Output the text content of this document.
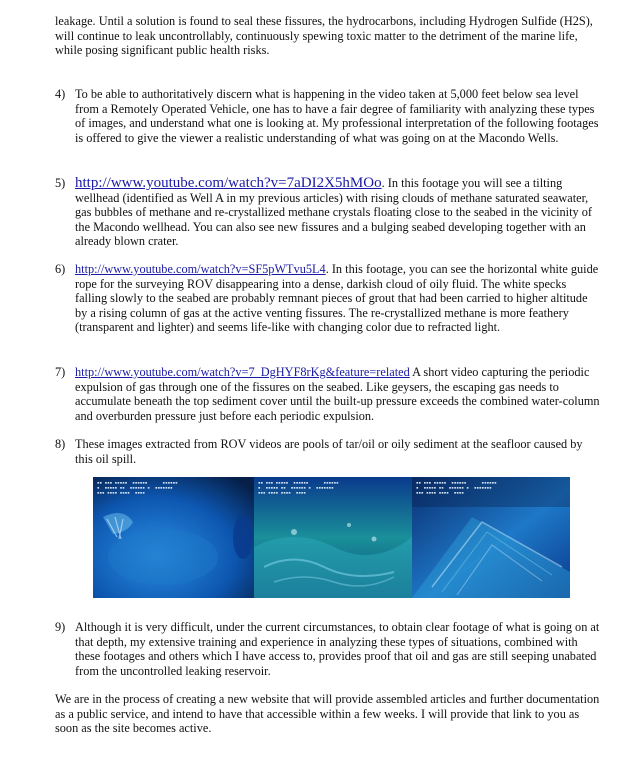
leakage. Until a solution is found to seal these fissures, the hydrocarbons, including Hydrogen Sulfide (H2S), will continue to leak uncontrollably, continuously spewing toxic matter to the detriment of the marine life, while posing significant public health risks.

4) To be able to authoritatively discern what is happening in the video taken at 5,000 feet below sea level from a Remotely Operated Vehicle, one has to have a fair degree of familiarity with analyzing these types of images, and understand what one is looking at. My professional interpretation of the following footages is offered to give the viewer a realistic understanding of what was going on at the Macondo Wells.
5) http://www.youtube.com/watch?v=7aDI2X5hMOo. In this footage you will see a tilting wellhead (identified as Well A in my previous articles) with rising clouds of methane saturated seawater, gas bubbles of methane and re-crystallized methane crystals floating close to the seabed in the vicinity of the Macondo wellhead. You can also see new fissures and a bulging seabed developing together with an already blown crater.
6) http://www.youtube.com/watch?v=SF5pWTvu5L4. In this footage, you can see the horizontal white guide rope for the surveying ROV disappearing into a dense, darkish cloud of oily fluid. The white specks falling slowly to the seabed are probably remnant pieces of grout that had been carried to higher altitude by a rising column of gas at the active venting fissures. The re-crystallized methane is more feathery (transparent and lighter) and seems life-like with changing color due to refracted light.
7) http://www.youtube.com/watch?v=7_DgHYF8rKg&feature=related A short video capturing the periodic expulsion of gas through one of the fissures on the seabed. Like geysers, the escaping gas needs to accumulate beneath the top sediment cover until the built-up pressure exceeds the combined water-column and overburden pressure just before each periodic expulsion.
8) These images extracted from ROV videos are pools of tar/oil or oily sediment at the seafloor caused by this oil spill.
▪▪ ▪▪▪ ▪▪▪▪▪  ▪▪▪▪▪▪      ▪▪▪▪▪▪
▪  ▪▪▪▪▪ ▪▪  ▪▪▪▪▪▪ ▪  ▪▪▪▪▪▪▪
▪▪▪ ▪▪▪▪ ▪▪▪▪  ▪▪▪▪
▪▪ ▪▪▪ ▪▪▪▪▪  ▪▪▪▪▪▪      ▪▪▪▪▪▪
▪  ▪▪▪▪▪ ▪▪  ▪▪▪▪▪▪ ▪  ▪▪▪▪▪▪▪
▪▪▪ ▪▪▪▪ ▪▪▪▪  ▪▪▪▪
▪▪ ▪▪▪ ▪▪▪▪▪  ▪▪▪▪▪▪      ▪▪▪▪▪▪
▪  ▪▪▪▪▪ ▪▪  ▪▪▪▪▪▪ ▪  ▪▪▪▪▪▪▪
▪▪▪ ▪▪▪▪ ▪▪▪▪  ▪▪▪▪
9) Although it is very difficult, under the current circumstances, to obtain clear footage of what is going on at that depth, my extensive training and experience in analyzing these types of situations, combined with these footages and others which I have access to, provides proof that oil and gas are still seeping unabated from the uncontrolled leaking reservoir.

We are in the process of creating a new website that will provide assembled articles and further documentation as a public service, and intend to have that accessible within a few weeks. I will provide that link to you as soon as the site becomes active.
